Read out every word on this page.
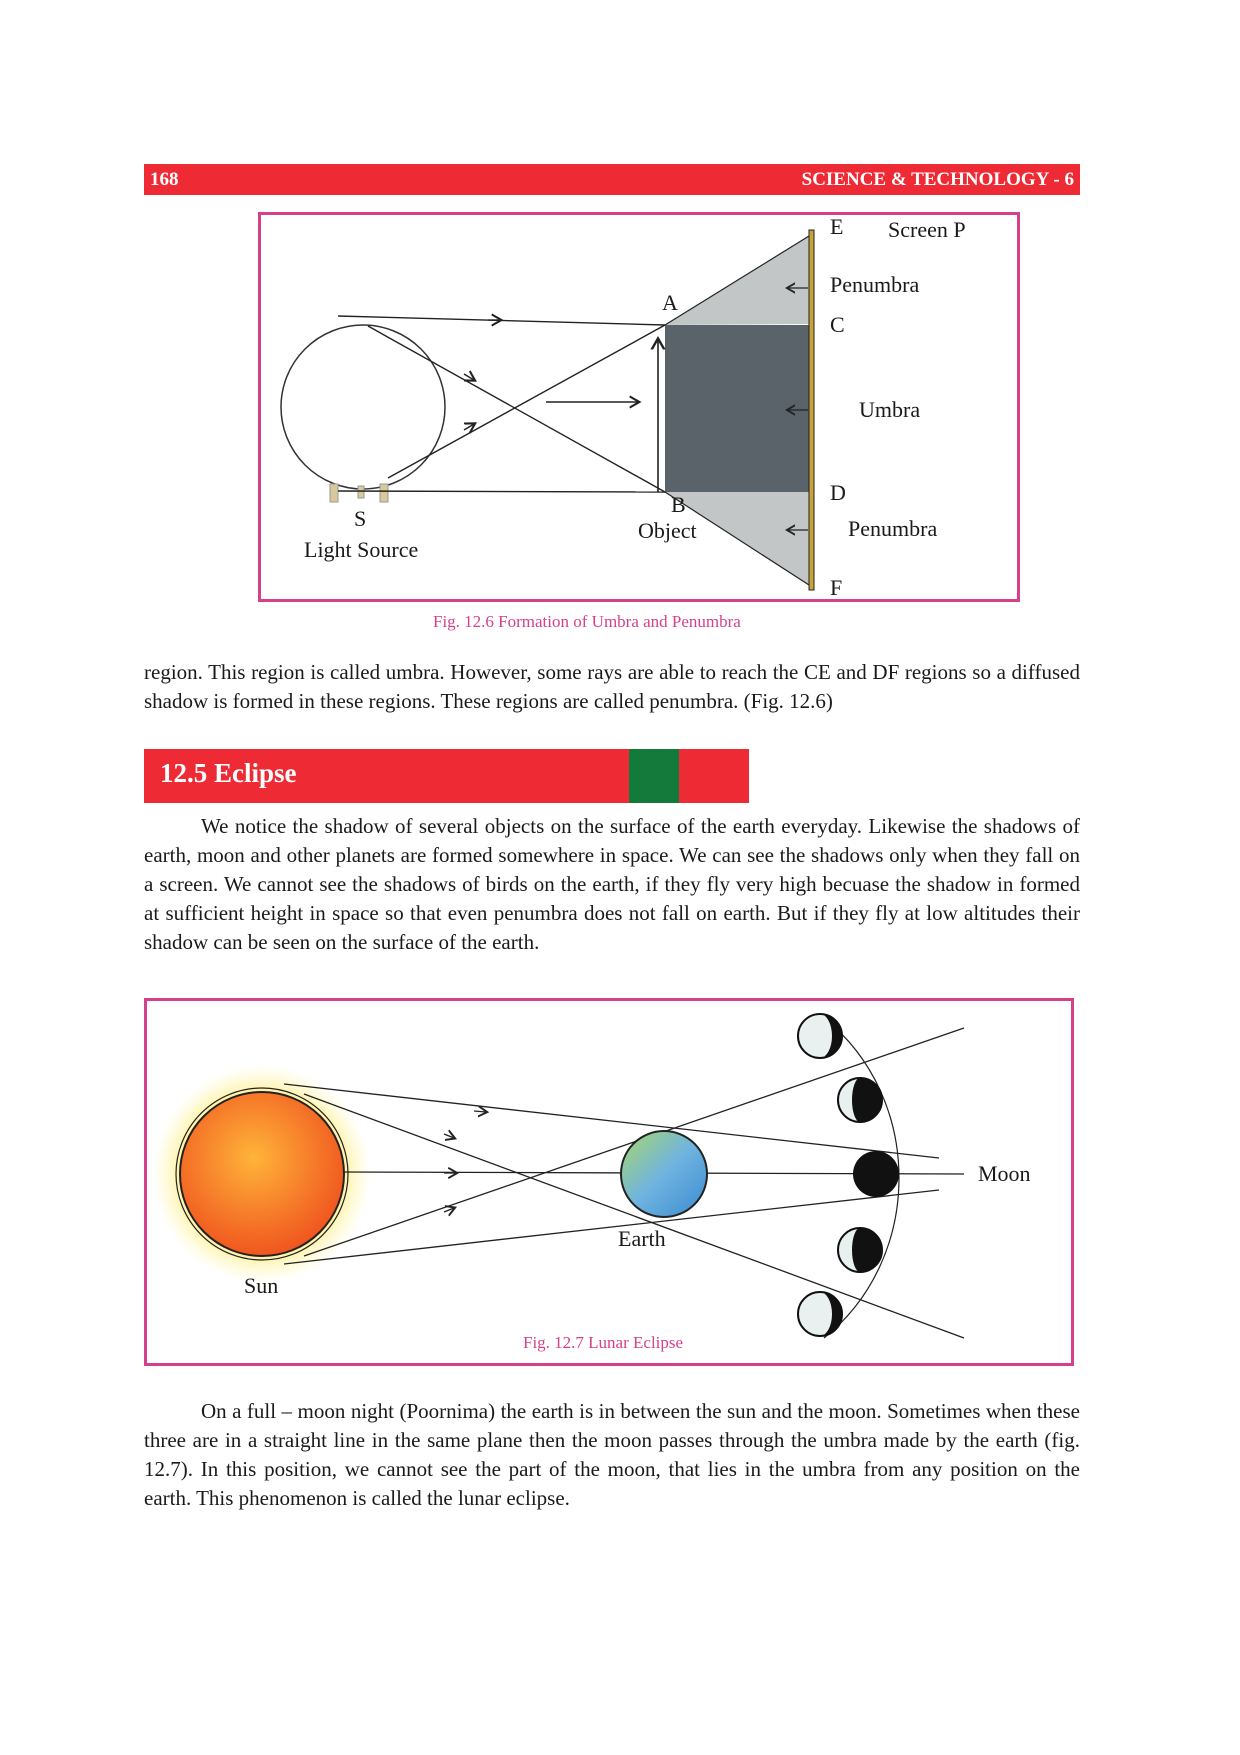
168	SCIENCE & TECHNOLOGY - 6
E Screen P
Penumbra
A
C
Umbra
D
B
Object	Penumbra
F
S
Light Source
Fig. 12.6 Formation of Umbra and Penumbra

region. This region is called umbra. However, some rays are able to reach the CE and DF regions so a diffused shadow is formed in these regions. These regions are called penumbra. (Fig. 12.6)

12.5 Eclipse

We notice the shadow of several objects on the surface of the earth everyday. Likewise the shadows of earth, moon and other planets are formed somewhere in space. We can see the shadows only when they fall on a screen. We cannot see the shadows of birds on the earth, if they fly very high becuase the shadow in formed at sufficient height in space so that even penumbra does not fall on earth. But if they fly at low altitudes their shadow can be seen on the surface of the earth.

Moon
Earth
Sun
Fig. 12.7 Lunar Eclipse

On a full – moon night (Poornima) the earth is in between the sun and the moon. Sometimes when these three are in a straight line in the same plane then the moon passes through the umbra made by the earth (fig. 12.7). In this position, we cannot see the part of the moon, that lies in the umbra from any position on the earth. This phenomenon is called the lunar eclipse.
